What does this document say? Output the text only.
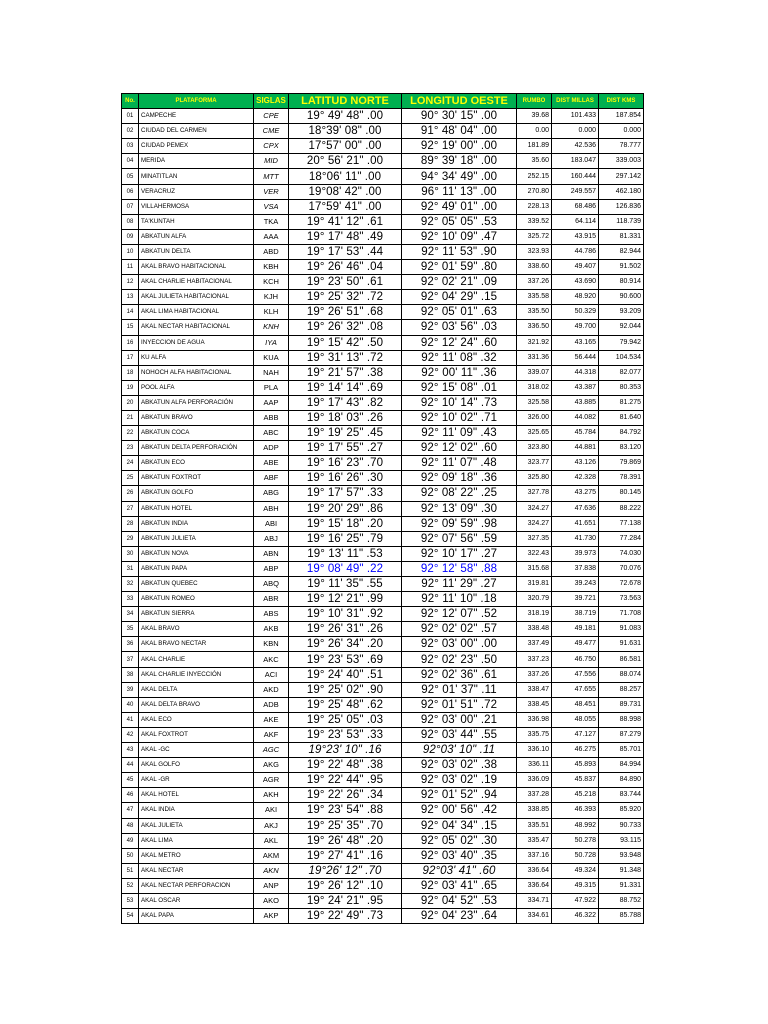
No.	PLATAFORMA	SIGLAS	LATITUD NORTE	LONGITUD OESTE	RUMBO	DIST MILLAS	DIST KMS
01	CAMPECHE	CPE	19° 49' 48" .00	90° 30' 15" .00	39.68	101.433	187.854
02	CIUDAD DEL CARMEN	CME	18°39' 08" .00	91° 48' 04" .00	0.00	0.000	0.000
03	CIUDAD PEMEX	CPX	17°57' 00" .00	92° 19' 00" .00	181.89	42.536	78.777
04	MERIDA	MID	20° 56' 21" .00	89° 39' 18" .00	35.60	183.047	339.003
05	MINATITLAN	MTT	18°06' 11" .00	94° 34' 49" .00	252.15	160.444	297.142
06	VERACRUZ	VER	19°08' 42" .00	96° 11' 13" .00	270.80	249.557	462.180
07	VILLAHERMOSA	VSA	17°59' 41" .00	92° 49' 01" .00	228.13	68.486	126.836
08	TA'KUNTAH	TKA	19° 41' 12" .61	92° 05' 05" .53	339.52	64.114	118.739
09	ABKATUN ALFA	AAA	19° 17' 48" .49	92° 10' 09" .47	325.72	43.915	81.331
10	ABKATUN DELTA	ABD	19° 17' 53" .44	92° 11' 53" .90	323.93	44.786	82.944
11	AKAL BRAVO HABITACIONAL	KBH	19° 26' 46" .04	92° 01' 59" .80	338.60	49.407	91.502
12	AKAL CHARLIE HABITACIONAL	KCH	19° 23' 50" .61	92° 02' 21" .09	337.26	43.690	80.914
13	AKAL JULIETA HABITACIONAL	KJH	19° 25' 32" .72	92° 04' 29" .15	335.58	48.920	90.600
14	AKAL LIMA HABITACIONAL	KLH	19° 26' 51" .68	92° 05' 01" .63	335.50	50.329	93.209
15	AKAL NECTAR HABITACIONAL	KNH	19° 26' 32" .08	92° 03' 56" .03	336.50	49.700	92.044
16	INYECCION DE AGUA	IYA	19° 15' 42" .50	92° 12' 24" .60	321.92	43.165	79.942
17	KU ALFA	KUA	19° 31' 13" .72	92° 11' 08" .32	331.36	56.444	104.534
18	NOHOCH ALFA HABITACIONAL	NAH	19° 21' 57" .38	92° 00' 11" .36	339.07	44.318	82.077
19	POOL ALFA	PLA	19° 14' 14" .69	92° 15' 08" .01	318.02	43.387	80.353
20	ABKATUN ALFA PERFORACIÓN	AAP	19° 17' 43" .82	92° 10' 14" .73	325.58	43.885	81.275
21	ABKATUN BRAVO	ABB	19° 18' 03" .26	92° 10' 02" .71	326.00	44.082	81.640
22	ABKATUN COCA	ABC	19° 19' 25" .45	92° 11' 09" .43	325.65	45.784	84.792
23	ABKATUN DELTA PERFORACIÓN	ADP	19° 17' 55" .27	92° 12' 02" .60	323.80	44.881	83.120
24	ABKATUN ECO	ABE	19° 16' 23" .70	92° 11' 07" .48	323.77	43.126	79.869
25	ABKATUN FOXTROT	ABF	19° 16' 26" .30	92° 09' 18" .36	325.80	42.328	78.391
26	ABKATUN GOLFO	ABG	19° 17' 57" .33	92° 08' 22" .25	327.78	43.275	80.145
27	ABKATUN HOTEL	ABH	19° 20' 29" .86	92° 13' 09" .30	324.27	47.636	88.222
28	ABKATUN INDIA	ABI	19° 15' 18" .20	92° 09' 59" .98	324.27	41.651	77.138
29	ABKATUN JULIETA	ABJ	19° 16' 25" .79	92° 07' 56" .59	327.35	41.730	77.284
30	ABKATUN NOVA	ABN	19° 13' 11" .53	92° 10' 17" .27	322.43	39.973	74.030
31	ABKATUN PAPA	ABP	19° 08' 49" .22	92° 12' 58" .88	315.68	37.838	70.076
32	ABKATUN QUEBEC	ABQ	19° 11' 35" .55	92° 11' 29" .27	319.81	39.243	72.678
33	ABKATUN ROMEO	ABR	19° 12' 21" .99	92° 11' 10" .18	320.79	39.721	73.563
34	ABKATUN SIERRA	ABS	19° 10' 31" .92	92° 12' 07" .52	318.19	38.719	71.708
35	AKAL BRAVO	AKB	19° 26' 31" .26	92° 02' 02" .57	338.48	49.181	91.083
36	AKAL BRAVO NECTAR	KBN	19° 26' 34" .20	92° 03' 00" .00	337.49	49.477	91.631
37	AKAL CHARLIE	AKC	19° 23' 53" .69	92° 02' 23" .50	337.23	46.750	86.581
38	AKAL CHARLIE INYECCIÓN	ACI	19° 24' 40" .51	92° 02' 36" .61	337.26	47.556	88.074
39	AKAL DELTA	AKD	19° 25' 02" .90	92° 01' 37" .11	338.47	47.655	88.257
40	AKAL DELTA BRAVO	ADB	19° 25' 48" .62	92° 01' 51" .72	338.45	48.451	89.731
41	AKAL ECO	AKE	19° 25' 05" .03	92° 03' 00" .21	336.98	48.055	88.998
42	AKAL FOXTROT	AKF	19° 23' 53" .33	92° 03' 44" .55	335.75	47.127	87.279
43	AKAL -GC	AGC	19°23' 10" .16	92°03' 10" .11	336.10	46.275	85.701
44	AKAL GOLFO	AKG	19° 22' 48" .38	92° 03' 02" .38	336.11	45.893	84.994
45	AKAL -GR	AGR	19° 22' 44" .95	92° 03' 02" .19	336.09	45.837	84.890
46	AKAL HOTEL	AKH	19° 22' 26" .34	92° 01' 52" .94	337.28	45.218	83.744
47	AKAL INDIA	AKI	19° 23' 54" .88	92° 00' 56" .42	338.85	46.393	85.920
48	AKAL JULIETA	AKJ	19° 25' 35" .70	92° 04' 34" .15	335.51	48.992	90.733
49	AKAL LIMA	AKL	19° 26' 48" .20	92° 05' 02" .30	335.47	50.278	93.115
50	AKAL METRO	AKM	19° 27' 41" .16	92° 03' 40" .35	337.16	50.728	93.948
51	AKAL NECTAR	AKN	19°26' 12" .70	92°03' 41" .60	336.64	49.324	91.348
52	AKAL NECTAR PERFORACION	ANP	19° 26' 12" .10	92° 03' 41" .65	336.64	49.315	91.331
53	AKAL OSCAR	AKO	19° 24' 21" .95	92° 04' 52" .53	334.71	47.922	88.752
54	AKAL PAPA	AKP	19° 22' 49" .73	92° 04' 23" .64	334.61	46.322	85.788
